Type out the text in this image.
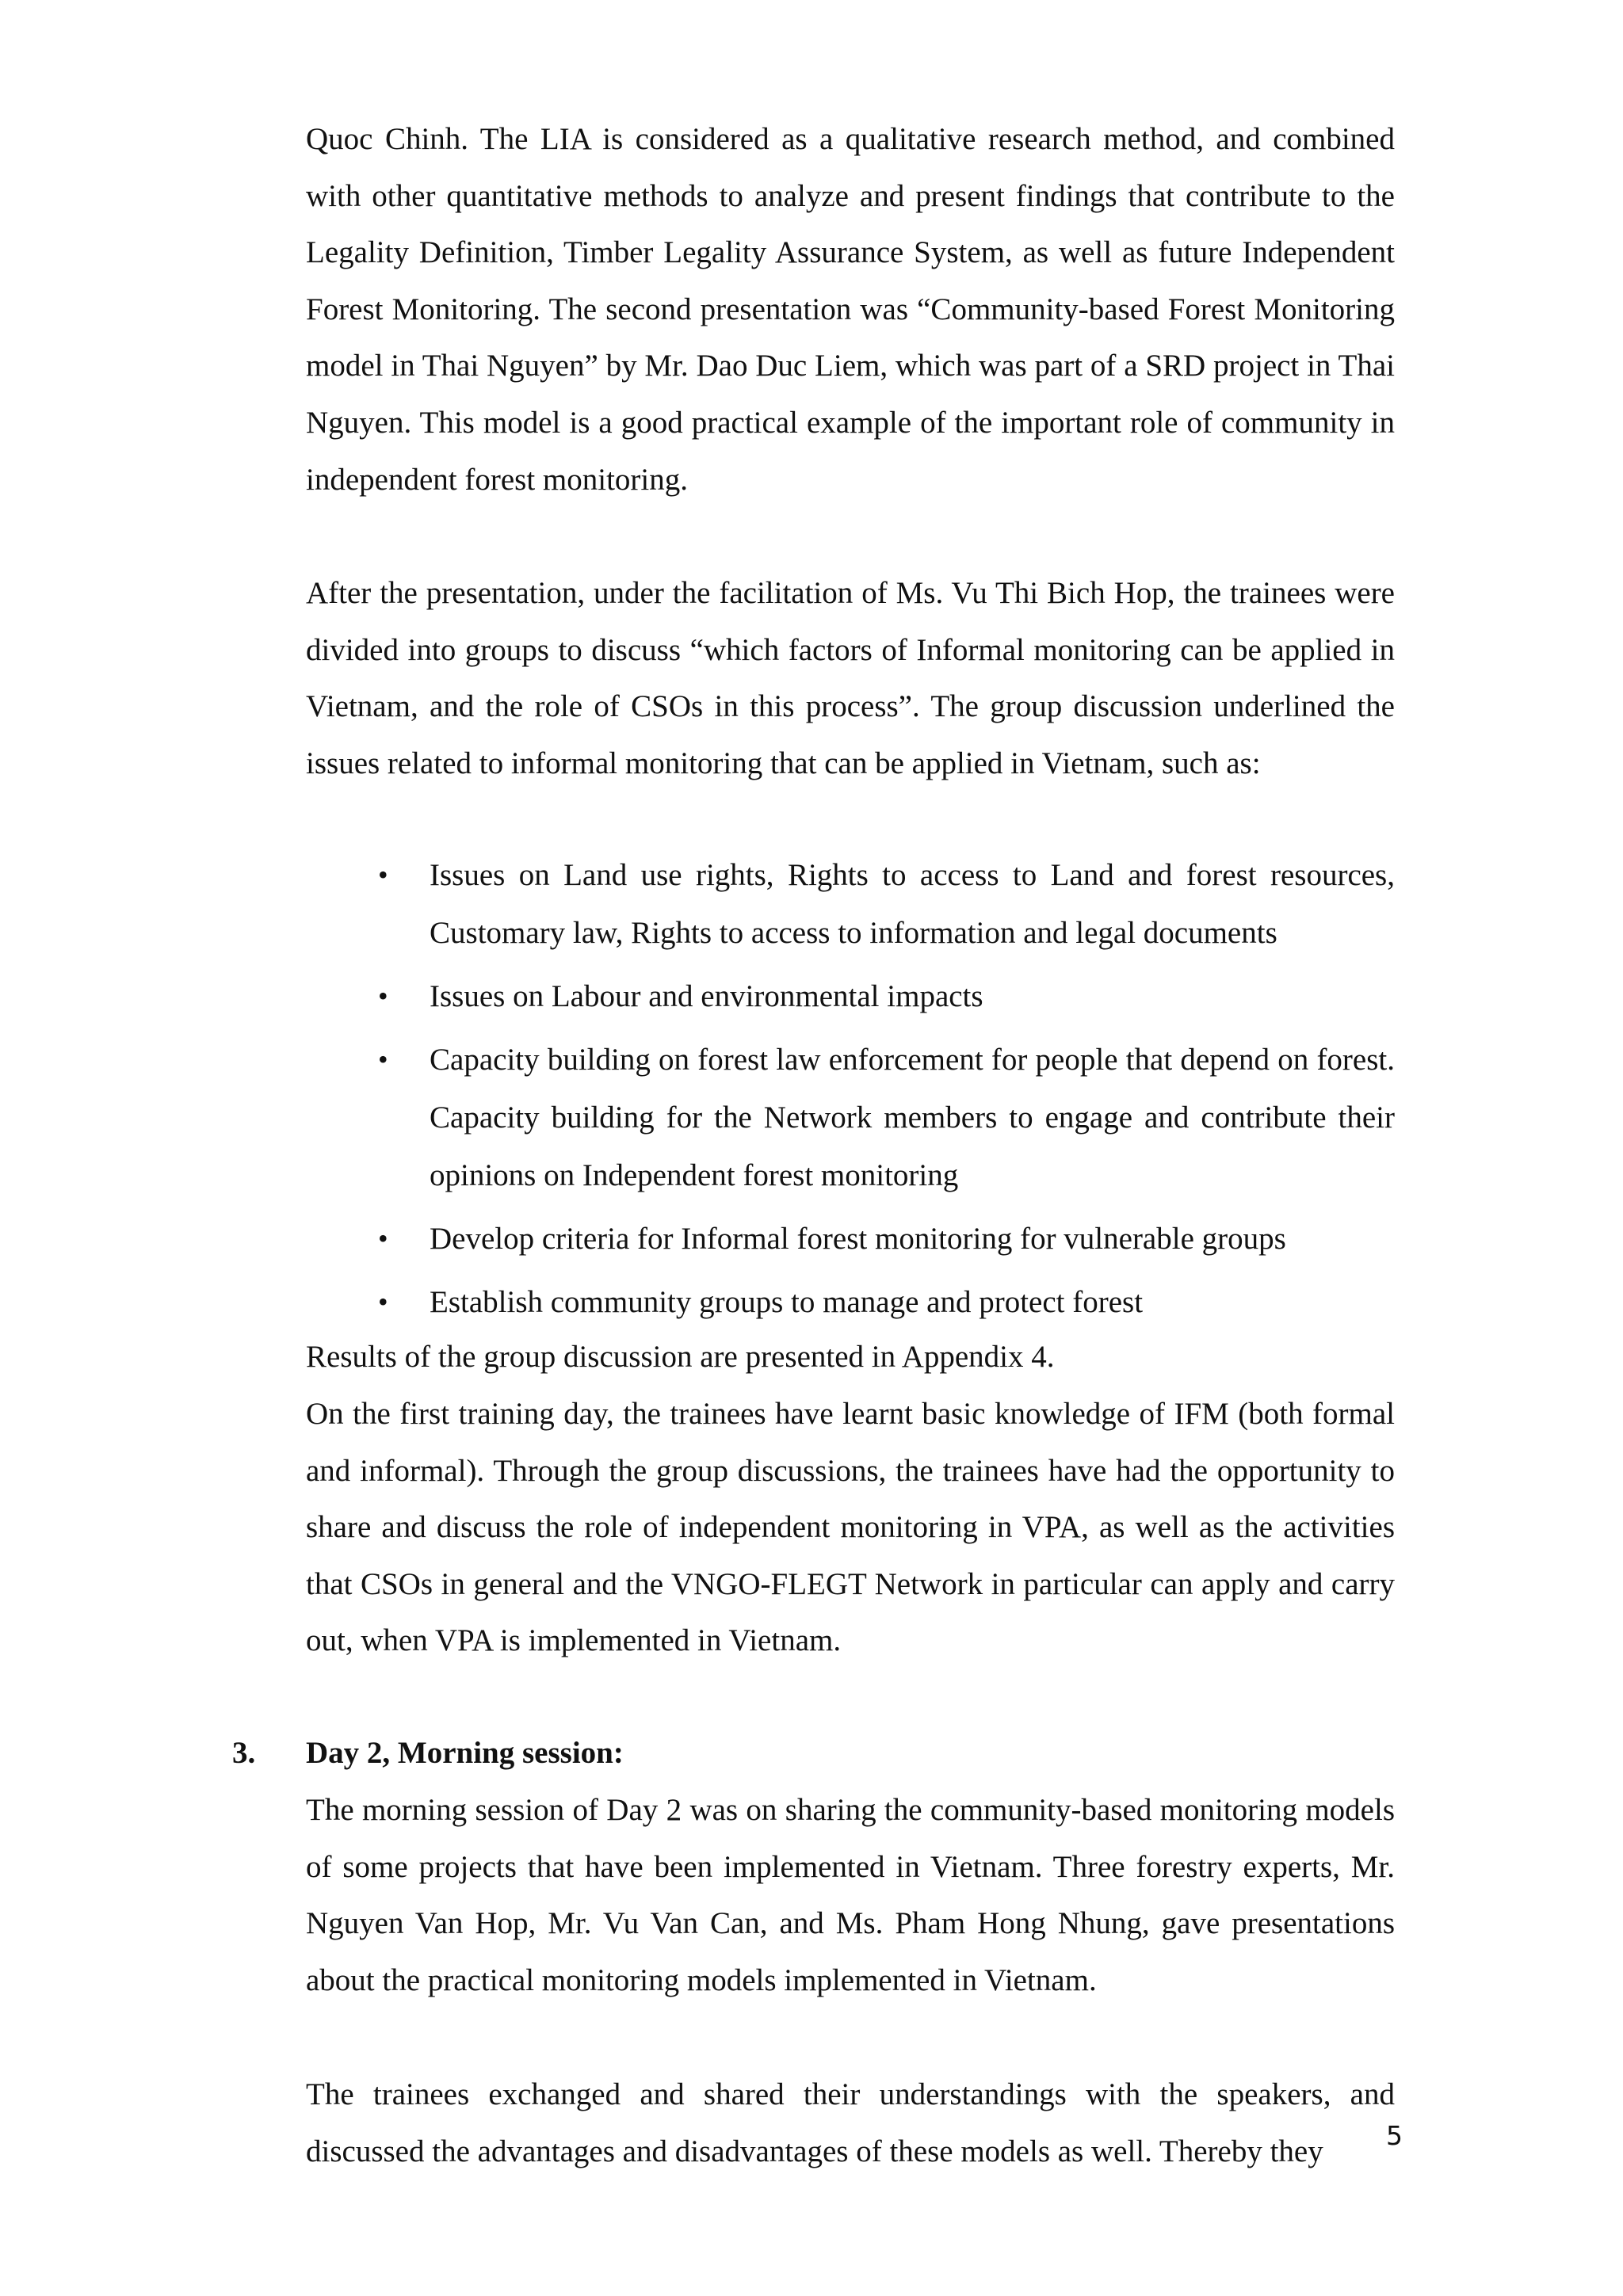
Quoc Chinh. The LIA is considered as a qualitative research method, and combined with other quantitative methods to analyze and present findings that contribute to the Legality Definition, Timber Legality Assurance System, as well as future Independent Forest Monitoring. The second presentation was “Community-based Forest Monitoring model in Thai Nguyen” by Mr. Dao Duc Liem, which was part of a SRD project in Thai Nguyen. This model is a good practical example of the important role of community in independent forest monitoring.

After the presentation, under the facilitation of Ms. Vu Thi Bich Hop, the trainees were divided into groups to discuss “which factors of Informal monitoring can be applied in Vietnam, and the role of CSOs in this process”. The group discussion underlined the issues related to informal monitoring that can be applied in Vietnam, such as:

• Issues on Land use rights, Rights to access to Land and forest resources, Customary law, Rights to access to information and legal documents
• Issues on Labour and environmental impacts
• Capacity building on forest law enforcement for people that depend on forest. Capacity building for the Network members to engage and contribute their opinions on Independent forest monitoring
• Develop criteria for Informal forest monitoring for vulnerable groups
• Establish community groups to manage and protect forest

Results of the group discussion are presented in Appendix 4.

On the first training day, the trainees have learnt basic knowledge of IFM (both formal and informal). Through the group discussions, the trainees have had the opportunity to share and discuss the role of independent monitoring in VPA, as well as the activities that CSOs in general and the VNGO-FLEGT Network in particular can apply and carry out, when VPA is implemented in Vietnam.

3. Day 2, Morning session:

The morning session of Day 2 was on sharing the community-based monitoring models of some projects that have been implemented in Vietnam. Three forestry experts, Mr. Nguyen Van Hop, Mr. Vu Van Can, and Ms. Pham Hong Nhung, gave presentations about the practical monitoring models implemented in Vietnam.

The trainees exchanged and shared their understandings with the speakers, and discussed the advantages and disadvantages of these models as well. Thereby they	5
